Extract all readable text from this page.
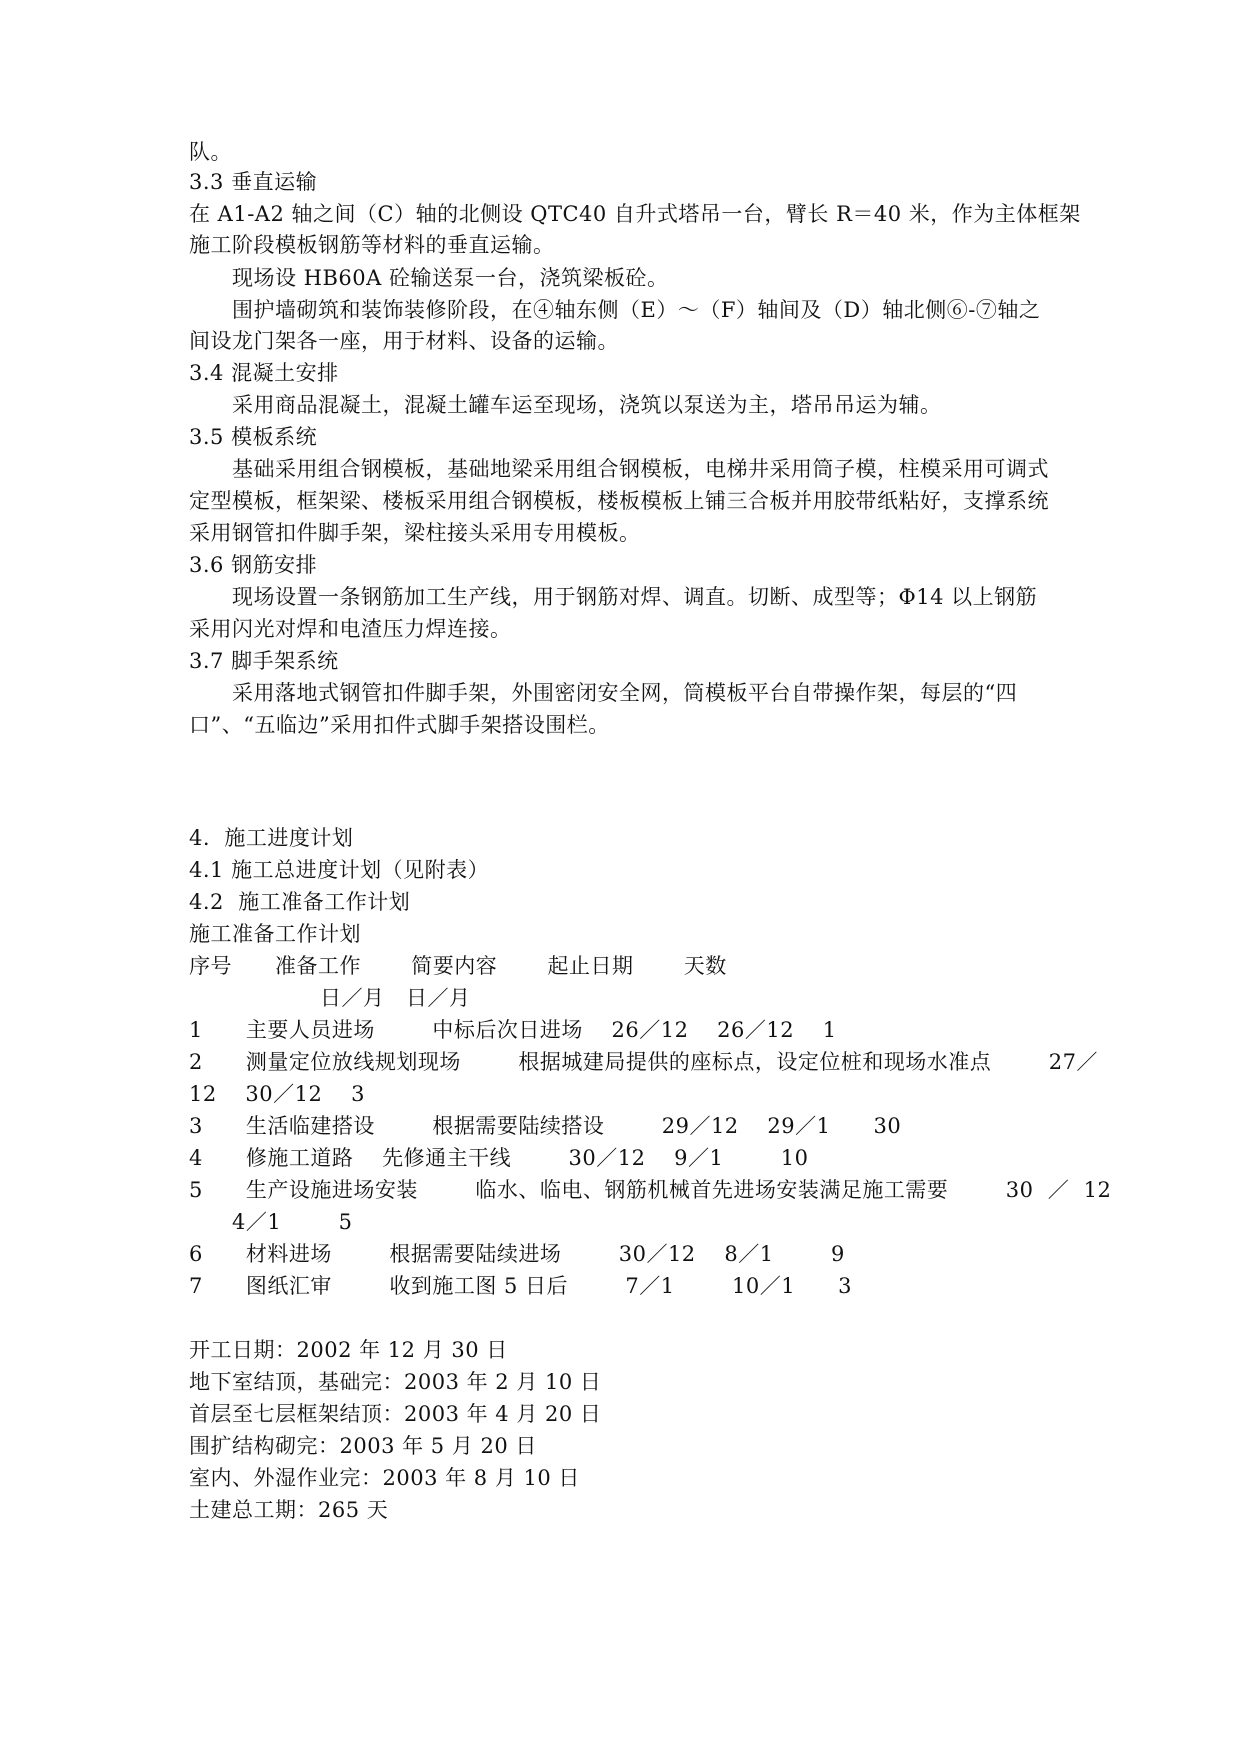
队。
3.3 垂直运输
在 A1-A2 轴之间（C）轴的北侧设 QTC40 自升式塔吊一台，臂长 R＝40 米，作为主体框架
施工阶段模板钢筋等材料的垂直运输。
现场设 HB60A 砼输送泵一台，浇筑梁板砼。
围护墙砌筑和装饰装修阶段，在④轴东侧（E）～（F）轴间及（D）轴北侧⑥-⑦轴之
间设龙门架各一座，用于材料、设备的运输。
3.4 混凝土安排
采用商品混凝土，混凝土罐车运至现场，浇筑以泵送为主，塔吊吊运为辅。
3.5 模板系统
基础采用组合钢模板，基础地梁采用组合钢模板，电梯井采用筒子模，柱模采用可调式
定型模板，框架梁、楼板采用组合钢模板，楼板模板上铺三合板并用胶带纸粘好，支撑系统
采用钢管扣件脚手架，梁柱接头采用专用模板。
3.6 钢筋安排
现场设置一条钢筋加工生产线，用于钢筋对焊、调直。切断、成型等；Φ14 以上钢筋
采用闪光对焊和电渣压力焊连接。
3.7 脚手架系统
采用落地式钢管扣件脚手架，外围密闭安全网，筒模板平台自带操作架，每层的“四
口”、“五临边”采用扣件式脚手架搭设围栏。
4.  施工进度计划
4.1 施工总进度计划（见附表）
4.2  施工准备工作计划
施工准备工作计划
序号      准备工作       简要内容       起止日期       天数
日／月   日／月
1      主要人员进场        中标后次日进场    26／12    26／12    1
2      测量定位放线规划现场        根据城建局提供的座标点，设定位桩和现场水准点        27／
12    30／12    3
3      生活临建搭设        根据需要陆续搭设        29／12    29／1      30
4      修施工道路    先修通主干线        30／12    9／1        10
5      生产设施进场安装        临水、临电、钢筋机械首先进场安装满足施工需要        30  ／  12
4／1        5
6      材料进场        根据需要陆续进场        30／12    8／1        9
7      图纸汇审        收到施工图 5 日后        7／1        10／1      3
开工日期：2002 年 12 月 30 日
地下室结顶，基础完：2003 年 2 月 10 日
首层至七层框架结顶：2003 年 4 月 20 日
围扩结构砌完：2003 年 5 月 20 日
室内、外湿作业完：2003 年 8 月 10 日
土建总工期：265 天
